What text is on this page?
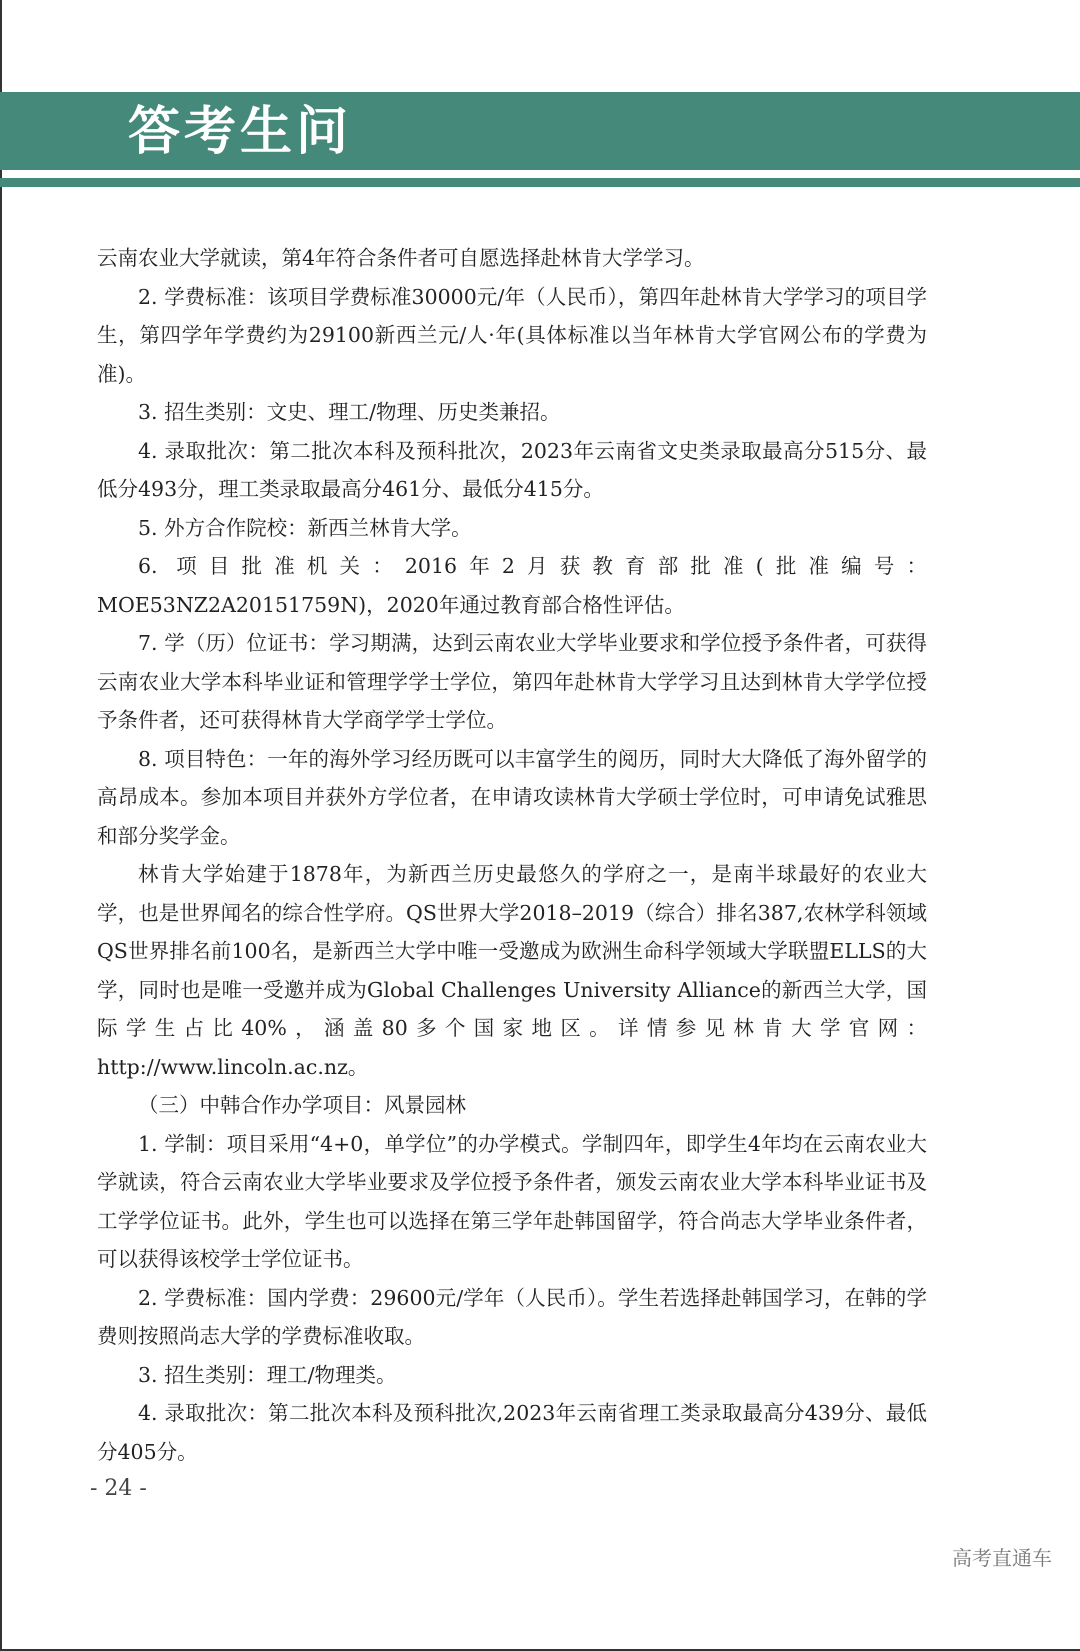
答考生问

云南农业大学就读，第4年符合条件者可自愿选择赴林肯大学学习。

2. 学费标准：该项目学费标准30000元/年（人民币），第四年赴林肯大学学习的项目学生，第四学年学费约为29100新西兰元/人·年(具体标准以当年林肯大学官网公布的学费为准)。

3. 招生类别：文史、理工/物理、历史类兼招。

4. 录取批次：第二批次本科及预科批次，2023年云南省文史类录取最高分515分、最低分493分，理工类录取最高分461分、最低分415分。

5. 外方合作院校：新西兰林肯大学。

6. 项目批准机关：2016年2月获教育部批准(批准编号：MOE53NZ2A20151759N)，2020年通过教育部合格性评估。

7. 学（历）位证书：学习期满，达到云南农业大学毕业要求和学位授予条件者，可获得云南农业大学本科毕业证和管理学学士学位，第四年赴林肯大学学习且达到林肯大学学位授予条件者，还可获得林肯大学商学学士学位。

8. 项目特色：一年的海外学习经历既可以丰富学生的阅历，同时大大降低了海外留学的高昂成本。参加本项目并获外方学位者，在申请攻读林肯大学硕士学位时，可申请免试雅思和部分奖学金。

林肯大学始建于1878年，为新西兰历史最悠久的学府之一，是南半球最好的农业大学，也是世界闻名的综合性学府。QS世界大学2018–2019（综合）排名387,农林学科领域QS世界排名前100名，是新西兰大学中唯一受邀成为欧洲生命科学领域大学联盟ELLS的大学，同时也是唯一受邀并成为Global Challenges University Alliance的新西兰大学，国际学生占比40%，涵盖80多个国家地区。详情参见林肯大学官网：http://www.lincoln.ac.nz。

（三）中韩合作办学项目：风景园林

1. 学制：项目采用“4+0，单学位”的办学模式。学制四年，即学生4年均在云南农业大学就读，符合云南农业大学毕业要求及学位授予条件者，颁发云南农业大学本科毕业证书及工学学位证书。此外，学生也可以选择在第三学年赴韩国留学，符合尚志大学毕业条件者，可以获得该校学士学位证书。

2. 学费标准：国内学费：29600元/学年（人民币）。学生若选择赴韩国学习，在韩的学费则按照尚志大学的学费标准收取。

3. 招生类别：理工/物理类。

4. 录取批次：第二批次本科及预科批次,2023年云南省理工类录取最高分439分、最低分405分。

- 24 -
高考直通车
